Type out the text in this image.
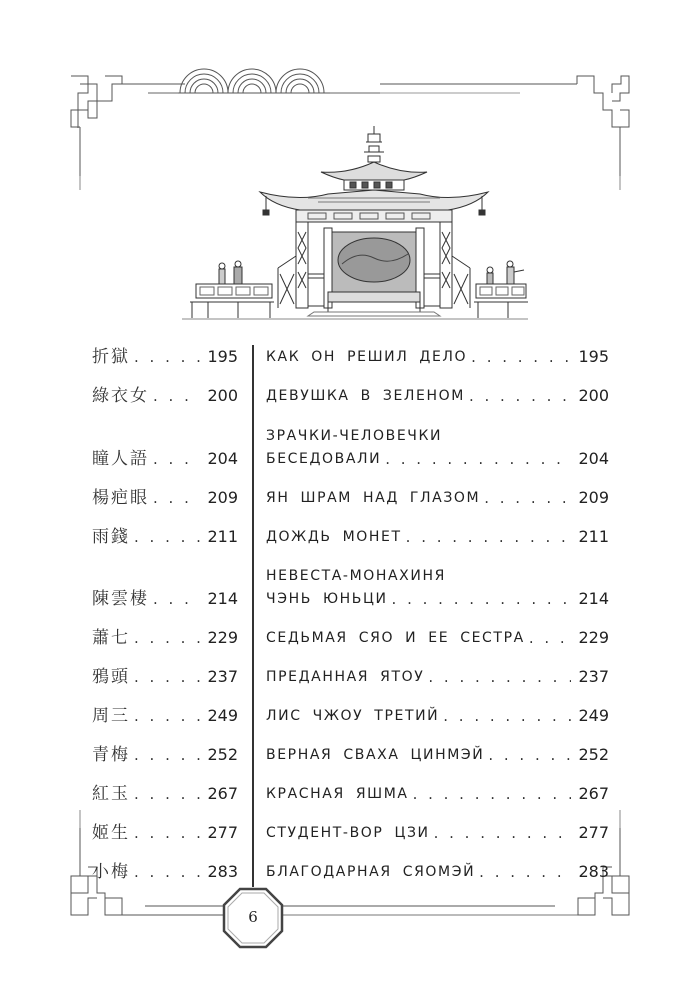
折獄 . . .	195
綠衣女 . . .	200
瞳人語 . . .	204
楊疤眼 . . .	209
雨錢 . . .	211
陳雲棲 . . .	214
蕭七 . . .	229
鴉頭 . . .	237
周三 . . .	249
青梅 . . .	252
紅玉 . . .	267
姬生 . . .	277
小梅 . . .	283
КАК ОН РЕШИЛ ДЕЛО . . .	195
ДЕВУШКА В ЗЕЛЕНОМ . . .	200
ЗРАЧКИ-ЧЕЛОВЕЧКИ
БЕСЕДОВАЛИ . . .	204
ЯН ШРАМ НАД ГЛАЗОМ . . .	209
ДОЖДЬ МОНЕТ . . .	211
НЕВЕСТА-МОНАХИНЯ
ЧЭНЬ ЮНЬЦИ . . .	214
СЕДЬМАЯ СЯО И ЕЕ СЕСТРА . . .	229
ПРЕДАННАЯ ЯТОУ . . .	237
ЛИС ЧЖОУ ТРЕТИЙ . . .	249
ВЕРНАЯ СВАХА ЦИНМЭЙ . . .	252
КРАСНАЯ ЯШМА . . .	267
СТУДЕНТ-ВОР ЦЗИ . . .	277
БЛАГОДАРНАЯ СЯОМЭЙ . . .	283
6
